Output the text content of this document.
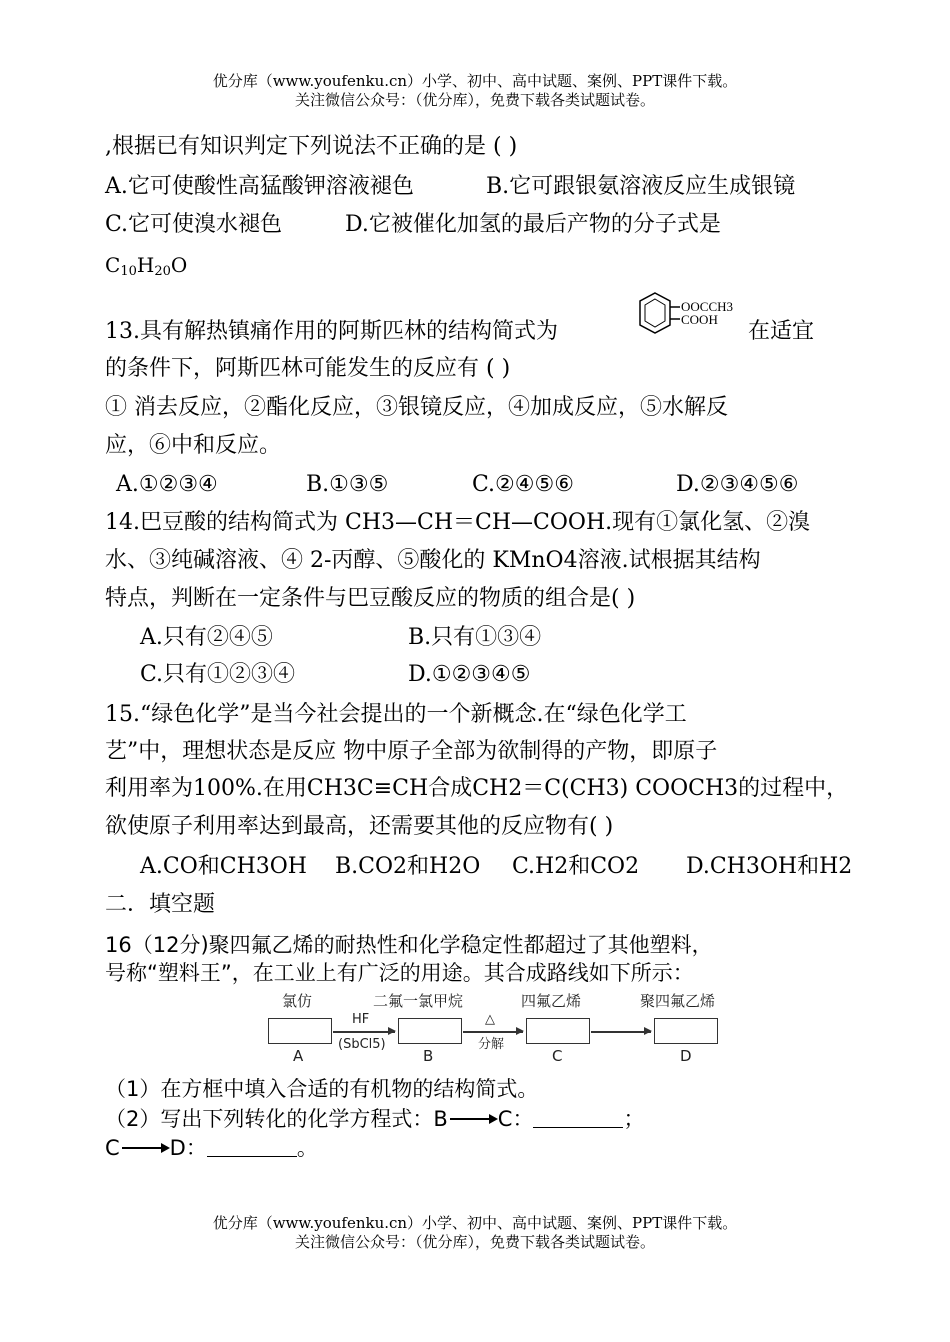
优分库（www.youfenku.cn）小学、初中、高中试题、案例、PPT课件下载。
关注微信公众号：（优分库），免费下载各类试题试卷。
,根据已有知识判定下列说法不正确的是 ( )
A.它可使酸性高猛酸钾溶液褪色	B.它可跟银氨溶液反应生成银镜
C.它可使溴水褪色	D.它被催化加氢的最后产物的分子式是
$C_{10}H_{20}O$
13.具有解热镇痛作用的阿斯匹林的结构简式为
OOCCH3
COOH 在适宜
的条件下，阿斯匹林可能发生的反应有 ( )
① 消去反应，②酯化反应，③银镜反应，④加成反应，⑤水解反
应，⑥中和反应。
A.①②③④	B.①③⑤	C.②④⑤⑥	D.②③④⑤⑥
14.巴豆酸的结构简式为 CH3—CH＝CH—COOH.现有①氯化氢、②溴
水、③纯碱溶液、④ 2-丙醇、⑤酸化的 KMnO4溶液.试根据其结构
特点，判断在一定条件与巴豆酸反应的物质的组合是( )
A.只有②④⑤	B.只有①③④
C.只有①②③④	D.①②③④⑤
15.“绿色化学”是当今社会提出的一个新概念.在“绿色化学工
艺”中，理想状态是反应 物中原子全部为欲制得的产物，即原子
利用率为100%.在用CH3C≡CH合成CH2＝C(CH3) COOCH3的过程中，
欲使原子利用率达到最高，还需要其他的反应物有( )
A.CO和CH3OH B.CO2和H2O C.H2和CO2 D.CH3OH和H2
二．填空题
16（12分)聚四氟乙烯的耐热性和化学稳定性都超过了其他塑料，
号称“塑料王”，在工业上有广泛的用途。其合成路线如下所示：
氯仿	二氟一氯甲烷	四氟乙烯	聚四氟乙烯
HF
(SbCl5)
△
分解
A	B	C	D
（1）在方框中填入合适的有机物的结构简式。
（2）写出下列转化的化学方程式：B C：	；
C D：	。
优分库（www.youfenku.cn）小学、初中、高中试题、案例、PPT课件下载。
关注微信公众号：（优分库），免费下载各类试题试卷。
